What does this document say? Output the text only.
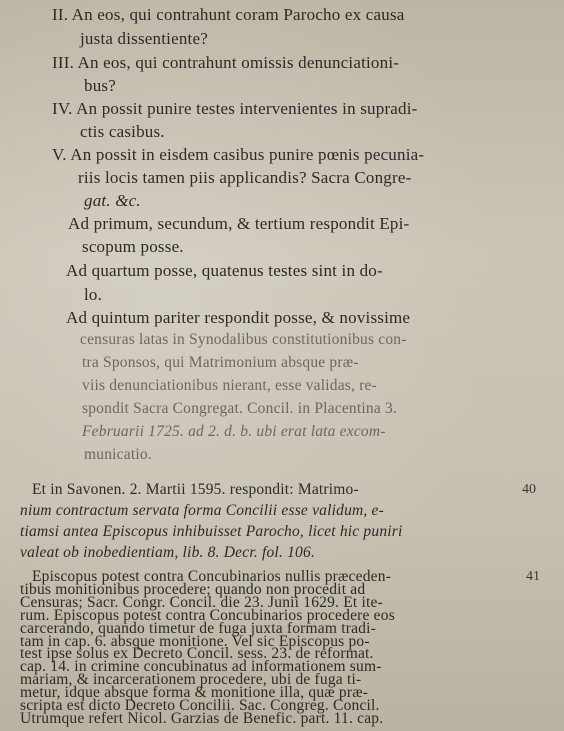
II. An eos, qui contrahunt coram Parocho ex causa
justa dissentiente?
III. An eos, qui contrahunt omissis denunciationi-
bus?
IV. An possit punire testes intervenientes in supradi-
ctis casibus.
V. An possit in eisdem casibus punire pœnis pecunia-
riis locis tamen piis applicandis? Sacra Congre-
gat. &c.
Ad primum, secundum, & tertium respondit Epi-
scopum posse.
Ad quartum posse, quatenus testes sint in do-
lo.
Ad quintum pariter respondit posse, & novissime
censuras latas in Synodalibus constitutionibus con-
tra Sponsos, qui Matrimonium absque præ-
viis denunciationibus nierant, esse validas, re-
spondit Sacra Congregat. Concil. in Placentina 3.
Februarii 1725. ad 2. d. b. ubi erat lata excom-
municatio.
Et in Savonen. 2. Martii 1595. respondit: Matrimo-	40
nium contractum servata forma Concilii esse validum, e-
tiamsi antea Episcopus inhibuisset Parocho, licet hic puniri
valeat ob inobedientiam, lib. 8. Decr. fol. 106.
Episcopus potest contra Concubinarios nullis præceden-	41
tibus monitionibus procedere; quando non procedit ad
Censuras; Sacr. Congr. Concil. die 23. Junii 1629. Et ite-
rum. Episcopus potest contra Concubinarios procedere eos
carcerando, quando timetur de fuga juxta formam tradi-
tam in cap. 6. absque monitione. Vel sic Episcopus po-
test ipse solus ex Decreto Concil. sess. 23. de reformat.
cap. 14. in crimine concubinatus ad informationem sum-
mariam, & incarcerationem procedere, ubi de fuga ti-
metur, idque absque forma & monitione illa, quæ præ-
scripta est dicto Decreto Concilii. Sac. Congreg. Concil.
Utrumque refert Nicol. Garzias de Benefic. part. 11. cap.
